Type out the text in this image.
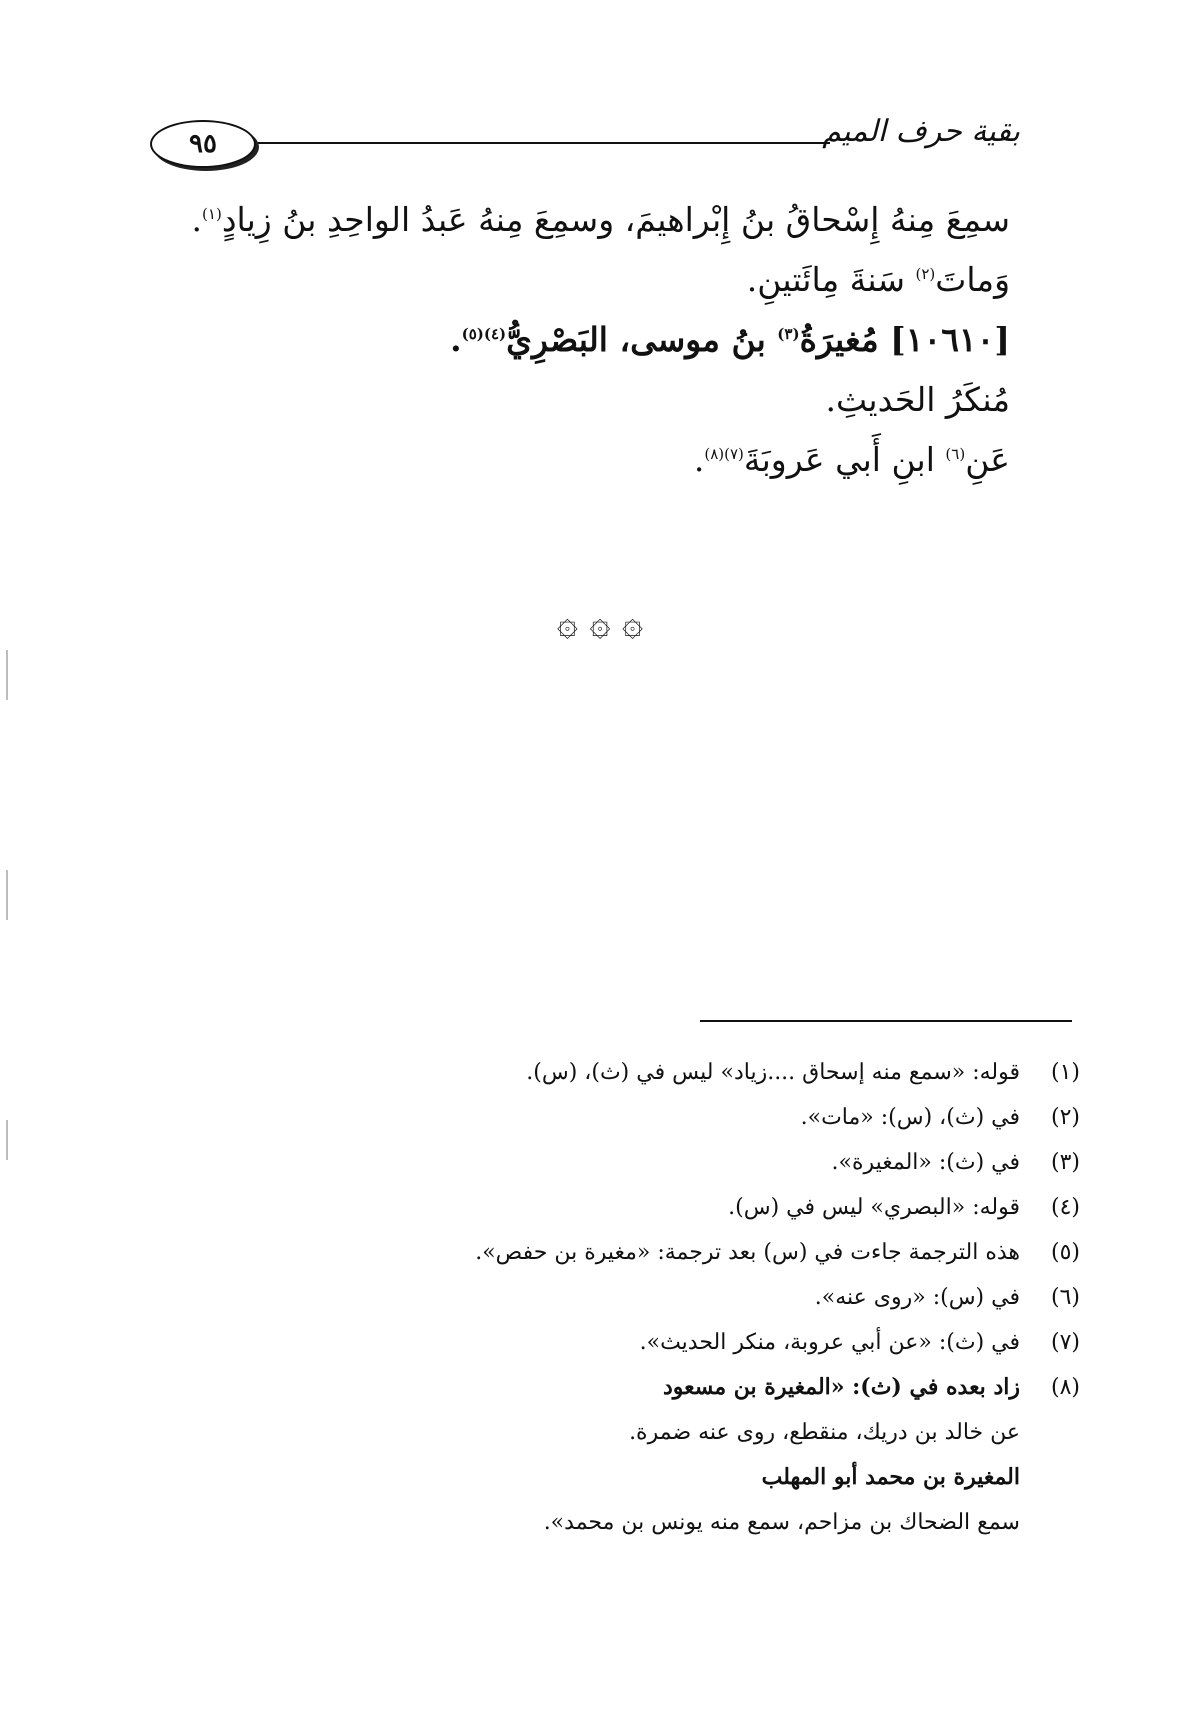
٩٥	بقية حرف الميم

سمِعَ مِنهُ إِسْحاقُ بنُ إِبْراهيمَ، وسمِعَ مِنهُ عَبدُ الواحِدِ بنُ زِيادٍ$^{(١)}$.

وَماتَ$^{(٢)}$ سَنةَ مِائَتينِ.

[١٠٦١٠] مُغيرَةُ$^{(٣)}$ بنُ موسى، البَصْرِيُّ$^{(٤)(٥)}$.

مُنكَرُ الحَديثِ.

عَنِ$^{(٦)}$ ابنِ أَبي عَروبَةَ$^{(٧)(٨)}$.

۞ ۞ ۞
(١)
قوله: «سمع منه إسحاق ....زياد» ليس في (ث)، (س).
(٢)
في (ث)، (س): «مات».
(٣)
في (ث): «المغيرة».
(٤)
قوله: «البصري» ليس في (س).
(٥)
هذه الترجمة جاءت في (س) بعد ترجمة: «مغيرة بن حفص».
(٦)
في (س): «روى عنه».
(٧)
في (ث): «عن أبي عروبة، منكر الحديث».
(٨)
زاد بعده في (ث): «المغيرة بن مسعود
عن خالد بن دريك، منقطع، روى عنه ضمرة.
المغيرة بن محمد أبو المهلب
سمع الضحاك بن مزاحم، سمع منه يونس بن محمد».
